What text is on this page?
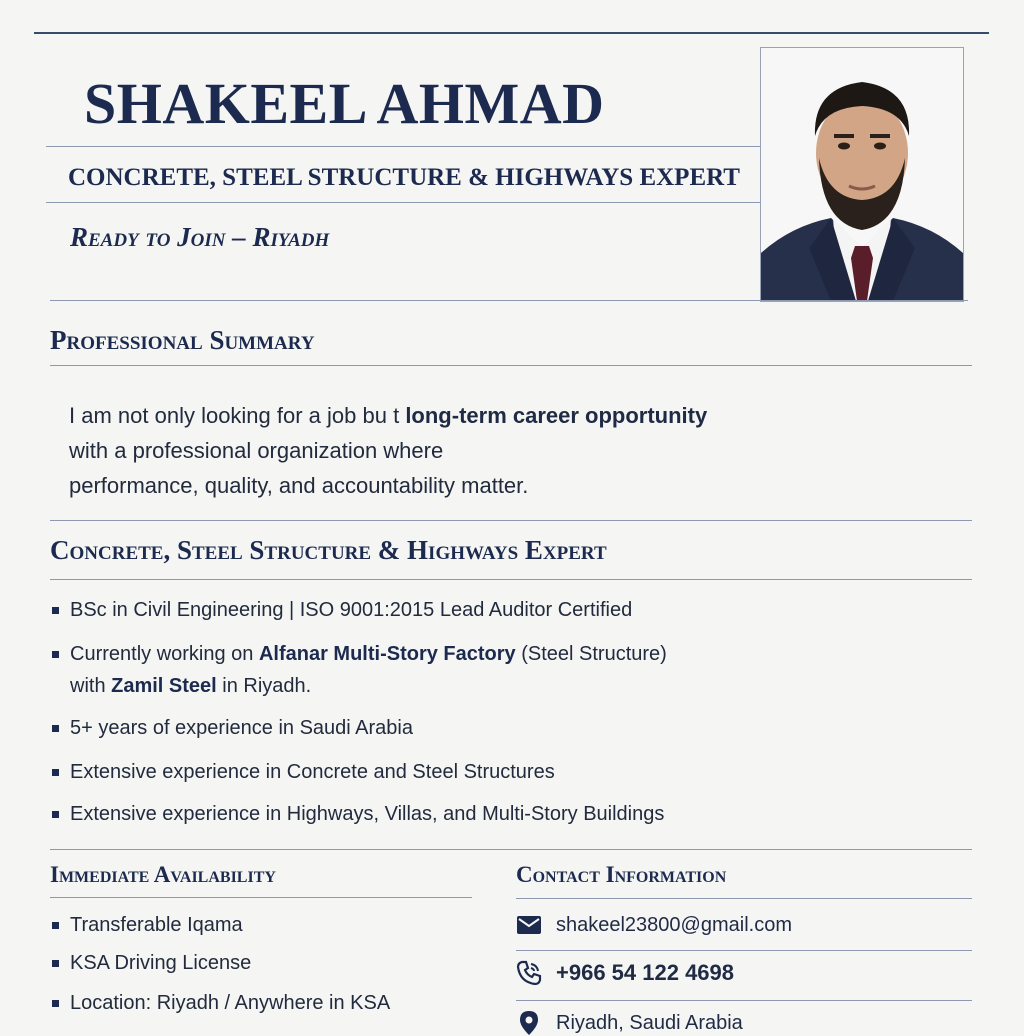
SHAKEEL AHMAD
CONCRETE, STEEL STRUCTURE & HIGHWAYS EXPERT
Ready to Join – Riyadh
Professional Summary
I am not only looking for a job bu t long-term career opportunity
with a professional organization where
performance, quality, and accountability matter.
Concrete, Steel Structure & Highways Expert
BSc in Civil Engineering | ISO 9001:2015 Lead Auditor Certified
Currently working on Alfanar Multi-Story Factory (Steel Structure)
with Zamil Steel in Riyadh.
5+ years of experience in Saudi Arabia
Extensive experience in Concrete and Steel Structures
Extensive experience in Highways, Villas, and Multi-Story Buildings
Immediate Availability
Transferable Iqama
KSA Driving License
Location: Riyadh / Anywhere in KSA
Contact Information
shakeel23800@gmail.com
+966 54 122 4698
Riyadh, Saudi Arabia
